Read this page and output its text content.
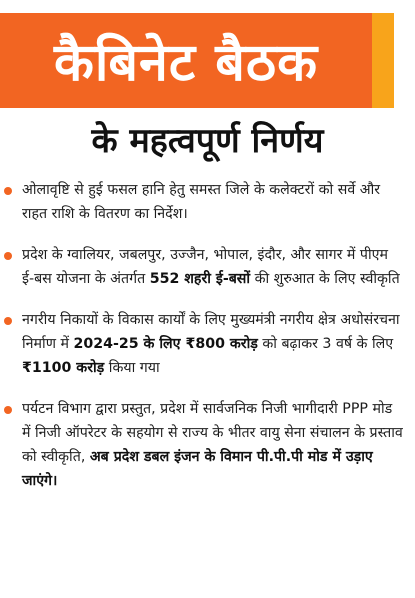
कैबिनेट बैठक
के महत्वपूर्ण निर्णय
ओलावृष्टि से हुई फसल हानि हेतु समस्त जिले के कलेक्टरों को सर्वे और राहत राशि के वितरण का निर्देश।
प्रदेश के ग्वालियर, जबलपुर, उज्जैन, भोपाल, इंदौर, और सागर में पीएम ई-बस योजना के अंतर्गत 552 शहरी ई-बसों की शुरुआत के लिए स्वीकृति
नगरीय निकायों के विकास कार्यों के लिए मुख्यमंत्री नगरीय क्षेत्र अधोसंरचना निर्माण में 2024-25 के लिए ₹800 करोड़ को बढ़ाकर 3 वर्ष के लिए ₹1100 करोड़ किया गया
पर्यटन विभाग द्वारा प्रस्तुत, प्रदेश में सार्वजनिक निजी भागीदारी PPP मोड में निजी ऑपरेटर के सहयोग से राज्य के भीतर वायु सेना संचालन के प्रस्ताव को स्वीकृति, अब प्रदेश डबल इंजन के विमान पी.पी.पी मोड में उड़ाए जाएंगे।
